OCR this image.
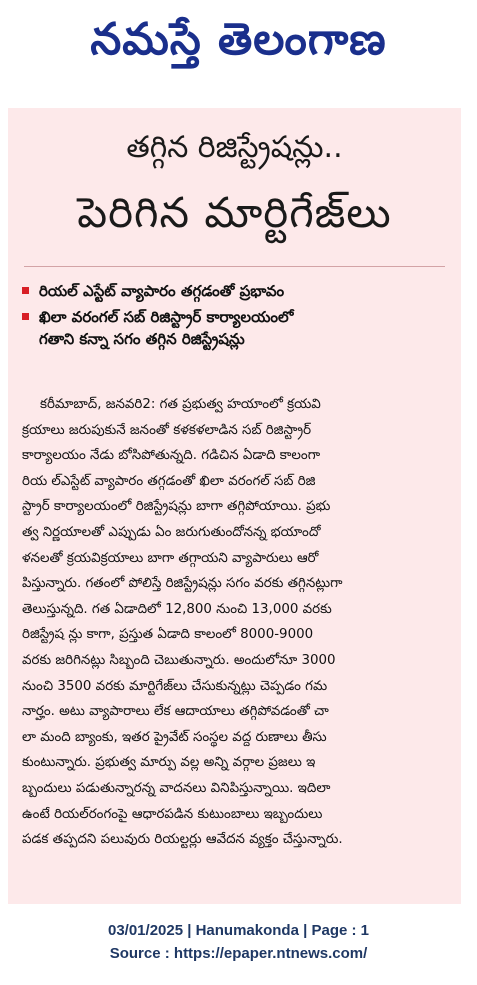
నమస్తే తెలంగాణ
తగ్గిన రిజిస్ట్రేషన్లు..
పెరిగిన మార్టిగేజ్‌లు
రియల్ ఎస్టేట్ వ్యాపారం తగ్గడంతో ప్రభావం
ఖిలా వరంగల్ సబ్ రిజిస్ట్రార్ కార్యాలయంలో
గతాని కన్నా సగం తగ్గిన రిజిస్ట్రేషన్లు
కరీమాబాద్, జనవరి2: గత ప్రభుత్వ హయాంలో క్రయవి
క్రయాలు జరుపుకునే జనంతో కళకళలాడిన సబ్ రిజిస్ట్రార్
కార్యాలయం నేడు బోసిపోతున్నది. గడిచిన ఏడాది కాలంగా
రియ ల్‌ఎస్టేట్ వ్యాపారం తగ్గడంతో ఖిలా వరంగల్ సబ్ రిజి
స్ట్రార్ కార్యాలయంలో రిజిస్ట్రేషన్లు బాగా తగ్గిపోయాయి. ప్రభు
త్వ నిర్ణయాలతో ఎప్పుడు ఏం జరుగుతుందోనన్న భయాందో
ళనలతో క్రయవిక్రయాలు బాగా తగ్గాయని వ్యాపారులు ఆరో
పిస్తున్నారు. గతంలో పోలిస్తే రిజిస్ట్రేషన్లు సగం వరకు తగ్గినట్లుగా
తెలుస్తున్నది. గత ఏడాదిలో 12,800 నుంచి 13,000 వరకు
రిజిస్ట్రేష న్లు కాగా, ప్రస్తుత ఏడాది కాలంలో 8000-9000
వరకు జరిగినట్లు సిబ్బంది చెబుతున్నారు. అందులోనూ 3000
నుంచి 3500 వరకు మార్టిగేజ్‌లు చేసుకున్నట్లు చెప్పడం గమ
నార్హం. అటు వ్యాపారాలు లేక ఆదాయాలు తగ్గిపోవడంతో చా
లా మంది బ్యాంకు, ఇతర ప్రైవేట్ సంస్థల వద్ద రుణాలు తీసు
కుంటున్నారు. ప్రభుత్వ మార్పు వల్ల అన్ని వర్గాల ప్రజలు ఇ
బ్బందులు పడుతున్నారన్న వాదనలు వినిపిస్తున్నాయి. ఇదిలా
ఉంటే రియల్‌రంగంపై ఆధారపడిన కుటుంబాలు ఇబ్బందులు
పడక తప్పదని పలువురు రియల్టర్లు ఆవేదన వ్యక్తం చేస్తున్నారు.
03/01/2025 | Hanumakonda | Page : 1
Source : https://epaper.ntnews.com/
